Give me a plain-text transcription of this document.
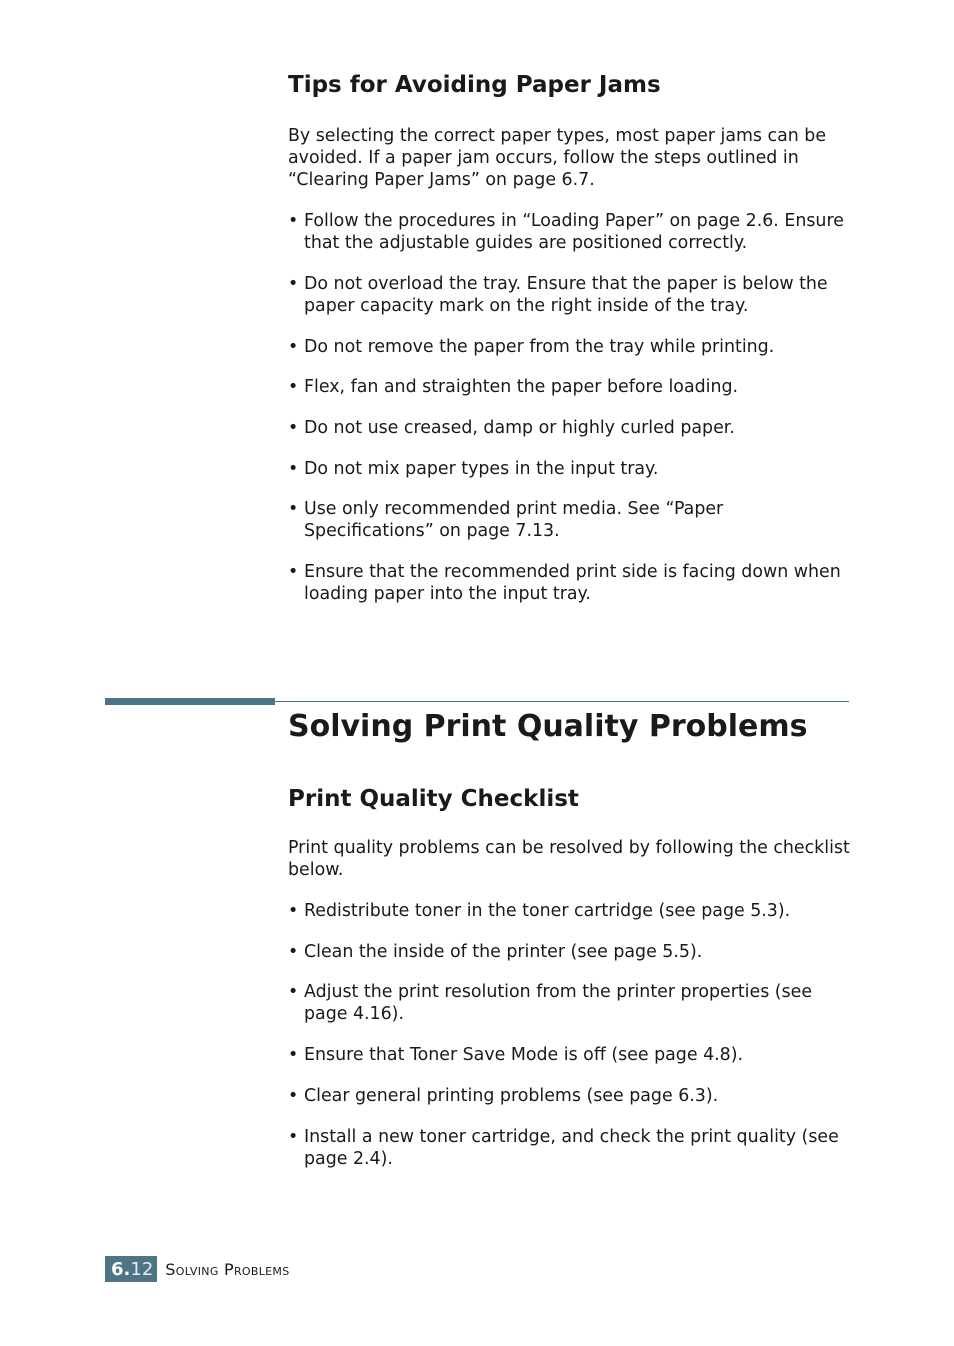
Tips for Avoiding Paper Jams

By selecting the correct paper types, most paper jams can be avoided. If a paper jam occurs, follow the steps outlined in “Clearing Paper Jams” on page 6.7.

• Follow the procedures in “Loading Paper” on page 2.6. Ensure that the adjustable guides are positioned correctly.
• Do not overload the tray. Ensure that the paper is below the paper capacity mark on the right inside of the tray.
• Do not remove the paper from the tray while printing.
• Flex, fan and straighten the paper before loading.
• Do not use creased, damp or highly curled paper.
• Do not mix paper types in the input tray.
• Use only recommended print media. See “Paper Specifications” on page 7.13.
• Ensure that the recommended print side is facing down when loading paper into the input tray.
Solving Print Quality Problems
Print Quality Checklist

Print quality problems can be resolved by following the checklist below.

• Redistribute toner in the toner cartridge (see page 5.3).
• Clean the inside of the printer (see page 5.5).
• Adjust the print resolution from the printer properties (see page 4.16).
• Ensure that Toner Save Mode is off (see page 4.8).
• Clear general printing problems (see page 6.3).
• Install a new toner cartridge, and check the print quality (see page 2.4).
6. 12 Solving Problems
